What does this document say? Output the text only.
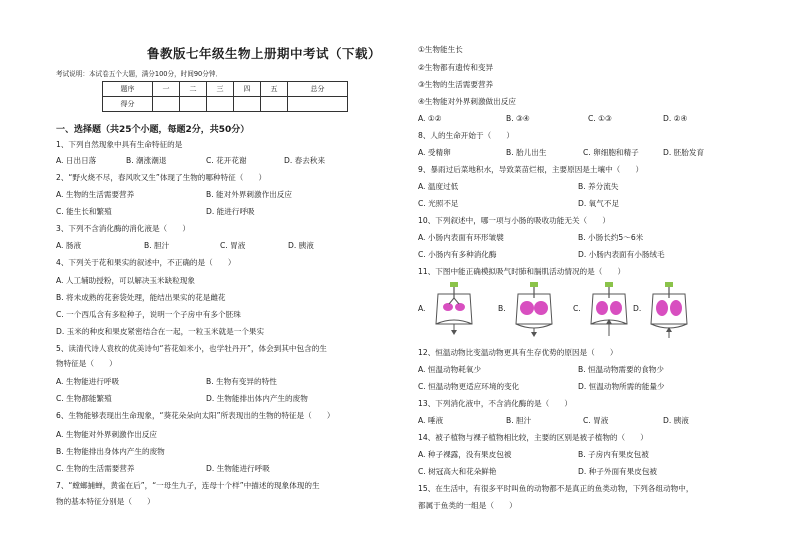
鲁教版七年级生物上册期中考试（下载）
考试说明：本试卷五个大题，满分100分，时间90分钟．
题序	一	二	三	四	五	总分
得分						
一、选择题（共25个小题，每题2分，共50分）
1、下列自然现象中具有生命特征的是
A. 日出日落	B. 潮涨潮退	C. 花开花谢	D. 春去秋来
2、“野火烧不尽，春风吹又生”体现了生物的哪种特征（　　）
A. 生物的生活需要营养	B. 能对外界刺激作出反应
C. 能生长和繁殖	D. 能进行呼吸
3、下列不含消化酶的消化液是（　　）
A. 肠液	B. 胆汁	C. 胃液	D. 胰液
4、下列关于花和果实的叙述中，不正确的是（　　）
A. 人工辅助授粉，可以解决玉米缺粒现象
B. 将未成熟的花套袋处理，能结出果实的花是雌花
C. 一个西瓜含有多粒种子，说明一个子房中有多个胚珠
D. 玉米的种皮和果皮紧密结合在一起，一粒玉米就是一个果实
5、读清代诗人袁枚的优美诗句“苔花如米小，也学牡丹开”，体会到其中包含的生
物特征是（　　）
A. 生物能进行呼吸	B. 生物有变异的特性
C. 生物都能繁殖	D. 生物能排出体内产生的废物
6、生物能够表现出生命现象，“葵花朵朵向太阳”所表现出的生物的特征是（　　）
A. 生物能对外界刺激作出反应
B. 生物能排出身体内产生的废物
C. 生物的生活需要营养	D. 生物能进行呼吸
7、“螳螂捕蝉，黄雀在后”，“一母生九子，连母十个样”中描述的现象体现的生
物的基本特征分别是（　　）
①生物能生长
②生物都有遗传和变异
③生物的生活需要营养
④生物能对外界刺激做出反应
A. ①②	B. ③④	C. ①③	D. ②④
8、人的生命开始于（　　）
A. 受精卵	B. 胎儿出生	C. 卵细胞和精子	D. 胚胎发育
9、暴雨过后菜地积水，导致菜苗烂根，主要原因是土壤中（　　）
A. 温度过低	B. 养分流失
C. 光照不足	D. 氧气不足
10、下列叙述中，哪一项与小肠的吸收功能无关（　　）
A. 小肠内表面有环形皱襞	B. 小肠长约5～6米
C. 小肠内有多种消化酶	D. 小肠内表面有小肠绒毛
11、下图中能正确模拟吸气时肺和膈肌活动情况的是（　　）
A.	B.	C.	D.
12、恒温动物比变温动物更具有生存优势的原因是（　　）
A. 恒温动物耗氧少	B. 恒温动物需要的食物少
C. 恒温动物更适应环境的变化	D. 恒温动物所需的能量少
13、下列消化液中，不含消化酶的是（　　）
A. 唾液	B. 胆汁	C. 胃液	D. 胰液
14、被子植物与裸子植物相比较，主要的区别是被子植物的（　　）
A. 种子裸露，没有果皮包被	B. 子房内有果皮包被
C. 树冠高大和花朵鲜艳	D. 种子外面有果皮包被
15、在生活中，有很多平时叫鱼的动物都不是真正的鱼类动物，下列各组动物中，
都属于鱼类的一组是（　　）
